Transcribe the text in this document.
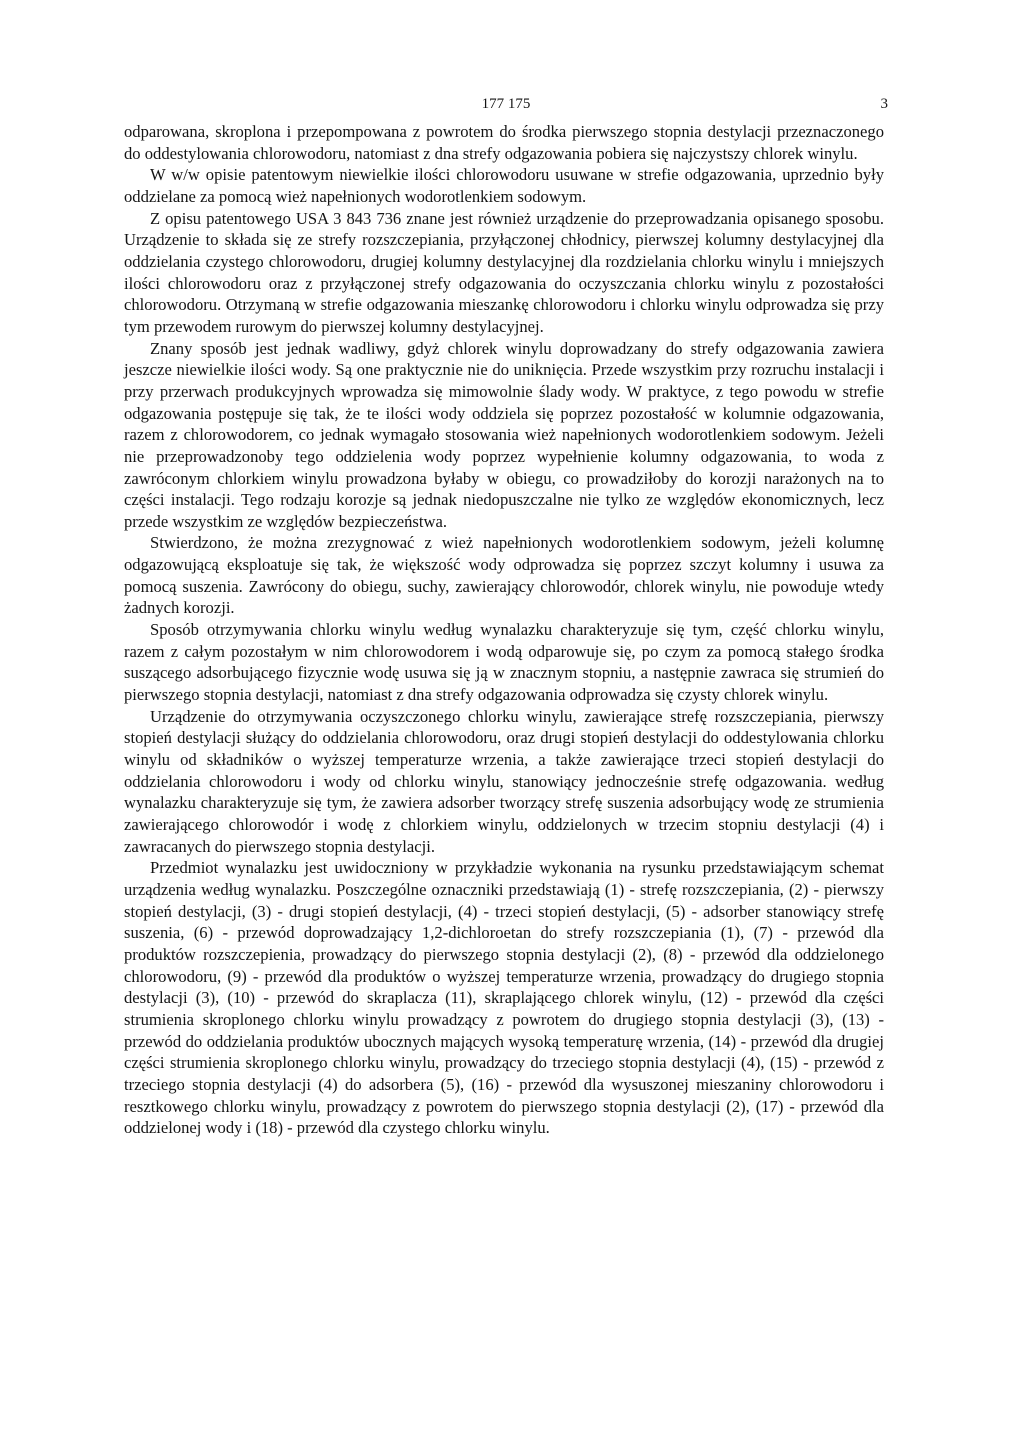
177 175	3

odparowana, skroplona i przepompowana z powrotem do środka pierwszego stopnia destylacji przeznaczonego do oddestylowania chlorowodoru, natomiast z dna strefy odgazowania pobiera się najczystszy chlorek winylu.

W w/w opisie patentowym niewielkie ilości chlorowodoru usuwane w strefie odgazowania, uprzednio były oddzielane za pomocą wież napełnionych wodorotlenkiem sodowym.

Z opisu patentowego USA 3 843 736 znane jest również urządzenie do przeprowadzania opisanego sposobu. Urządzenie to składa się ze strefy rozszczepiania, przyłączonej chłodnicy, pierwszej kolumny destylacyjnej dla oddzielania czystego chlorowodoru, drugiej kolumny destylacyjnej dla rozdzielania chlorku winylu i mniejszych ilości chlorowodoru oraz z przyłączonej strefy odgazowania do oczyszczania chlorku winylu z pozostałości chlorowodoru. Otrzymaną w strefie odgazowania mieszankę chlorowodoru i chlorku winylu odprowadza się przy tym przewodem rurowym do pierwszej kolumny destylacyjnej.

Znany sposób jest jednak wadliwy, gdyż chlorek winylu doprowadzany do strefy odgazowania zawiera jeszcze niewielkie ilości wody. Są one praktycznie nie do uniknięcia. Przede wszystkim przy rozruchu instalacji i przy przerwach produkcyjnych wprowadza się mimowolnie ślady wody. W praktyce, z tego powodu w strefie odgazowania postępuje się tak, że te ilości wody oddziela się poprzez pozostałość w kolumnie odgazowania, razem z chlorowodorem, co jednak wymagało stosowania wież napełnionych wodorotlenkiem sodowym. Jeżeli nie przeprowadzonoby tego oddzielenia wody poprzez wypełnienie kolumny odgazowania, to woda z zawróconym chlorkiem winylu prowadzona byłaby w obiegu, co prowadziłoby do korozji narażonych na to części instalacji. Tego rodzaju korozje są jednak niedopuszczalne nie tylko ze względów ekonomicznych, lecz przede wszystkim ze względów bezpieczeństwa.

Stwierdzono, że można zrezygnować z wież napełnionych wodorotlenkiem sodowym, jeżeli kolumnę odgazowującą eksploatuje się tak, że większość wody odprowadza się poprzez szczyt kolumny i usuwa za pomocą suszenia. Zawrócony do obiegu, suchy, zawierający chlorowodór, chlorek winylu, nie powoduje wtedy żadnych korozji.

Sposób otrzymywania chlorku winylu według wynalazku charakteryzuje się tym, część chlorku winylu, razem z całym pozostałym w nim chlorowodorem i wodą odparowuje się, po czym za pomocą stałego środka suszącego adsorbującego fizycznie wodę usuwa się ją w znacznym stopniu, a następnie zawraca się strumień do pierwszego stopnia destylacji, natomiast z dna strefy odgazowania odprowadza się czysty chlorek winylu.

Urządzenie do otrzymywania oczyszczonego chlorku winylu, zawierające strefę rozszczepiania, pierwszy stopień destylacji służący do oddzielania chlorowodoru, oraz drugi stopień destylacji do oddestylowania chlorku winylu od składników o wyższej temperaturze wrzenia, a także zawierające trzeci stopień destylacji do oddzielania chlorowodoru i wody od chlorku winylu, stanowiący jednocześnie strefę odgazowania. według wynalazku charakteryzuje się tym, że zawiera adsorber tworzący strefę suszenia adsorbujący wodę ze strumienia zawierającego chlorowodór i wodę z chlorkiem winylu, oddzielonych w trzecim stopniu destylacji (4) i zawracanych do pierwszego stopnia destylacji.

Przedmiot wynalazku jest uwidoczniony w przykładzie wykonania na rysunku przedstawiającym schemat urządzenia według wynalazku. Poszczególne oznaczniki przedstawiają (1) - strefę rozszczepiania, (2) - pierwszy stopień destylacji, (3) - drugi stopień destylacji, (4) - trzeci stopień destylacji, (5) - adsorber stanowiący strefę suszenia, (6) - przewód doprowadzający 1,2-dichloroetan do strefy rozszczepiania (1), (7) - przewód dla produktów rozszczepienia, prowadzący do pierwszego stopnia destylacji (2), (8) - przewód dla oddzielonego chlorowodoru, (9) - przewód dla produktów o wyższej temperaturze wrzenia, prowadzący do drugiego stopnia destylacji (3), (10) - przewód do skraplacza (11), skraplającego chlorek winylu, (12) - przewód dla części strumienia skroplonego chlorku winylu prowadzący z powrotem do drugiego stopnia destylacji (3), (13) - przewód do oddzielania produktów ubocznych mających wysoką temperaturę wrzenia, (14) - przewód dla drugiej części strumienia skroplonego chlorku winylu, prowadzący do trzeciego stopnia destylacji (4), (15) - przewód z trzeciego stopnia destylacji (4) do adsorbera (5), (16) - przewód dla wysuszonej mieszaniny chlorowodoru i resztkowego chlorku winylu, prowadzący z powrotem do pierwszego stopnia destylacji (2), (17) - przewód dla oddzielonej wody i (18) - przewód dla czystego chlorku winylu.
